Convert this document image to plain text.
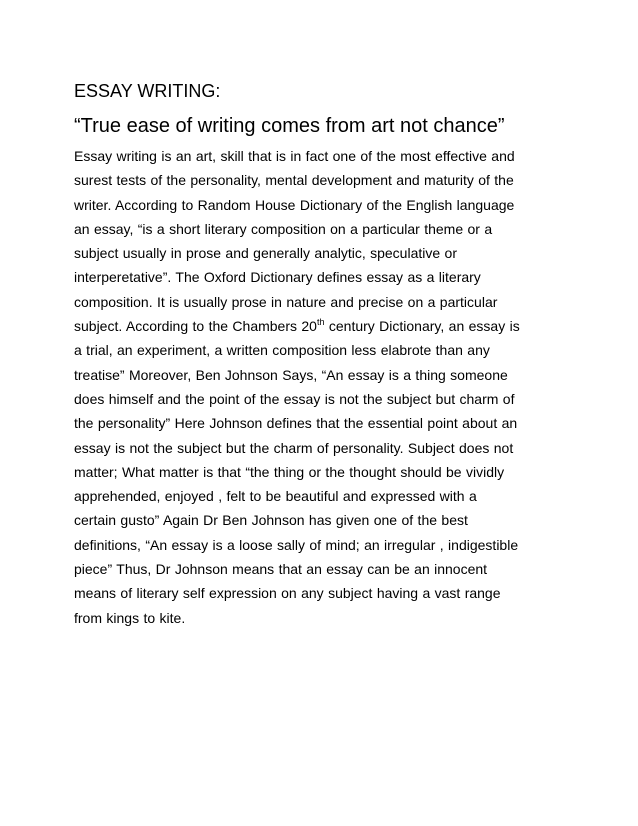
ESSAY WRITING:
“True ease of writing comes from art not chance”
Essay writing is an art, skill that is in fact one of the most effective and
surest tests of the personality, mental development and maturity of the
writer. According to Random House Dictionary of the English language
an essay, “is a short literary composition on a particular theme or a
subject usually in prose and generally analytic, speculative or
interperetative”. The Oxford Dictionary defines essay as a literary
composition. It is usually prose in nature and precise on a particular
subject. According to the Chambers 20th century Dictionary, an essay is
a trial, an experiment, a written composition less elabrote than any
treatise” Moreover, Ben Johnson Says, “An essay is a thing someone
does himself and the point of the essay is not the subject but charm of
the personality” Here Johnson defines that the essential point about an
essay is not the subject but the charm of personality. Subject does not
matter; What matter is that “the thing or the thought should be vividly
apprehended, enjoyed , felt to be beautiful and expressed with a
certain gusto” Again Dr Ben Johnson has given one of the best
definitions, “An essay is a loose sally of mind; an irregular , indigestible
piece” Thus, Dr Johnson means that an essay can be an innocent
means of literary self expression on any subject having a vast range
from kings to kite.
